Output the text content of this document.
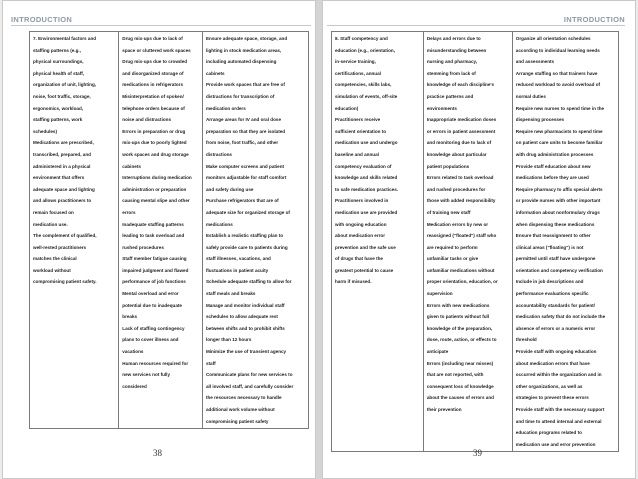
INTRODUCTION
7. Environmental factors and
staffing patterns (e.g.,
physical surroundings,
physical health of staff,
organization of unit, lighting,
noise, foot traffic, storage,
ergonomics, workload,
staffing patterns, work
schedules)
Medications are prescribed,
transcribed, prepared, and
administered in a physical
environment that offers
adequate space and lighting
and allows practitioners to
remain focused on
medication use.
The complement of qualified,
well-rested practitioners
matches the clinical
workload without
compromising patient safety.

Drug mix-ups due to lack of
space or cluttered work spaces
Drug mix-ups due to crowded
and disorganized storage of
medications in refrigerators
Misinterpretation of spoken/
telephone orders because of
noise and distractions
Errors in preparation or drug
mix-ups due to poorly lighted
work spaces and drug storage
cabinets
Interruptions during medication
administration or preparation
causing mental slipe and other
errors
Inadequate staffing patterns
leading to task overload and
rushed procedures
Staff member fatigue causing
impaired judgment and flawed
performance of job functions
Mental overload and error
potential due to inadequate
breaks
Lack of staffing contingency
plans to cover illness and
vacations
Human resources required for
new services not fully
considered

Ensure adequate space, storage, and
lighting in stock medication areas,
including automated dispensing
cabinets
Provide work spaces that are free of
distractions for transcription of
medication orders
Arrange areas for IV and oral dose
preparation so that they are isolated
from noise, foot traffic, and other
distractions
Make computer screens and patient
monitors adjustable for staff comfort
and safety during use
Purchase refrigerators that are of
adequate size for organized storage of
medications
Establish a realistic staffing plan to
safely provide care to patients during
staff illnesses, vacations, and
fluctuations in patient acuity
Schedule adequate staffing to allow for
staff meals and breaks
Manage and monitor individual staff
schedules to allow adequate rest
between shifts and to prohibit shifts
longer than 12 hours
Minimize the use of transient agency
staff
Communicate plans for new services to
all involved staff, and carefully consider
the resources necessary to handle
additional work volume without
compromising patient safety
38
INTRODUCTION
8. Staff competency and
education (e.g., orientation,
in-service training,
certifications, annual
competencies, skills labs,
simulation of events, off-site
education)
Practitioners receive
sufficient orientation to
medication use and undergo
baseline and annual
competency evaluation of
knowledge and skills related
to safe medication practices.
Practitioners involved in
medication use are provided
with ongoing education
about medication error
prevention and the safe use
of drugs that have the
greatest potential to cause
harm if misused.

Delays and errors due to
misunderstanding between
nursing and pharmacy,
stemming from lack of
knowledge of each discipline's
practice patterns and
environments
Inappropriate medication doses
or errors in patient assessment
and monitoring due to lack of
knowledge about particular
patient populations
Errors related to task overload
and rushed procedures for
those with added responsibility
of training new staff
Medication errors by new or
reassigned ("floated") staff who
are required to perform
unfamiliar tasks or give
unfamiliar medications without
proper orientation, education, or
supervision
Errors with new medications
given to patients without full
knowledge of the preparation,
dose, route, action, or effects to
anticipate
Errors (including near misses)
that are not reported, with
consequent loss of knowledge
about the causes of errors and
their prevention

Organize all orientation schedules
according to individual learning needs
and assessments
Arrange staffing so that trainers have
reduced workload to avoid overload of
normal duties
Require new nurses to spend time in the
dispensing processes
Require new pharmacists to spend time
on patient care units to become familiar
with drug administration processes
Provide staff education about new
medications before they are used
Require pharmacy to affix special alerts
or provide nurses with other important
information about nonformulary drugs
when dispensing these medications
Ensure that reassignment to other
clinical areas ("floating") is not
permitted until staff have undergone
orientation and competency verification
Include in job descriptions and
performance evaluations specific
accountability standards for patient/
medication safety that do not include the
absence of errors or a numeric error
threshold
Provide staff with ongoing education
about medication errors that have
occurred within the organization and in
other organizations, as well as
strategies to prevent these errors
Provide staff with the necessary support
and time to attend internal and external
education programs related to
medication use and error prevention
39
